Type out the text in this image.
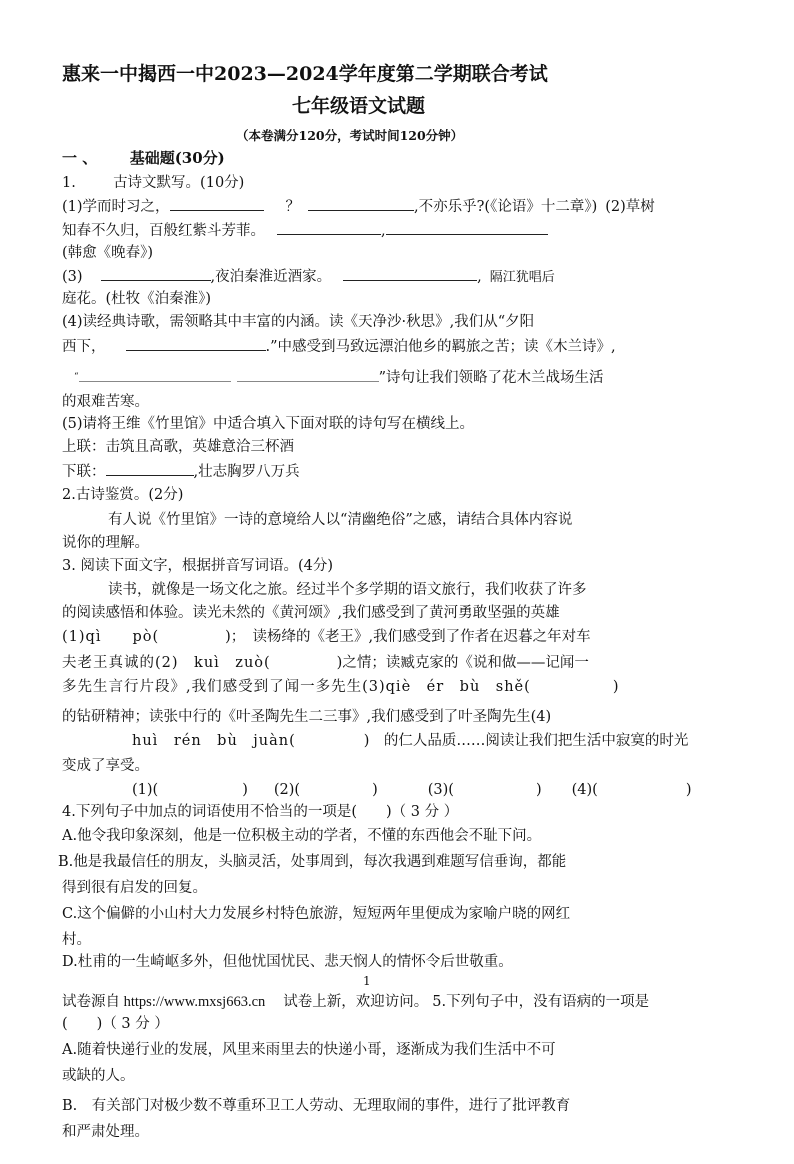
惠来一中揭西一中2023—2024学年度第二学期联合考试
七年级语文试题
（本卷满分120分，考试时间120分钟）
一 、 基础题(30分)
1.	古诗文默写。(10分)
(1)学而时习之，	？	,不亦乐乎?(《论语》十二章》) (2)草树
知春不久归，百般红紫斗芳菲。	,
(韩愈《晚春》)
(3)	,夜泊秦淮近酒家。	, 隔江犹唱后
庭花。(杜牧《泊秦淮》)
(4)读经典诗歌，需领略其中丰富的内涵。读《天净沙·秋思》,我们从“夕阳
西下，	.”中感受到马致远漂泊他乡的羁旅之苦；读《木兰诗》,
“	”诗句让我们领略了花木兰战场生活
的艰难苦寒。
(5)请将王维《竹里馆》中适合填入下面对联的诗句写在横线上。
上联：击筑且高歌，英雄意洽三杯酒
下联：	,壮志胸罗八万兵
2.古诗鉴赏。(2分)
有人说《竹里馆》一诗的意境给人以“清幽绝俗”之感，请结合具体内容说
说你的理解。
3. 阅读下面文字，根据拼音写词语。(4分)
读书，就像是一场文化之旅。经过半个多学期的语文旅行，我们收获了许多
的阅读感悟和体验。读光未然的《黄河颂》,我们感受到了黄河勇敢坚强的英雄
(1)qì　　pò(	)；　读杨绛的《老王》,我们感受到了作者在迟暮之年对车
夫老王真诚的(2)　kuì　zuò(	)之情；读臧克家的《说和做——记闻一
多先生言行片段》,我们感受到了闻一多先生(3)qiè　ér　bù　shě(	)
的钻研精神；读张中行的《叶圣陶先生二三事》,我们感受到了叶圣陶先生(4)
huì　rén　bù　juàn(	)　的仁人品质……阅读让我们把生活中寂寞的时光
变成了享受。
(1)(	) (2)(	)	(3)(	) (4)(	)
4.下列句子中加点的词语使用不恰当的一项是(　　)（ 3 分 ）
A.他令我印象深刻，他是一位积极主动的学者，不懂的东西他会不耻下问。
B.他是我最信任的朋友，头脑灵活，处事周到，每次我遇到难题写信垂询，都能
得到很有启发的回复。
C.这个偏僻的小山村大力发展乡村特色旅游，短短两年里便成为家喻户晓的网红
村。
D.杜甫的一生崎岖多外，但他忧国忧民、悲天悯人的情怀令后世敬重。
1
试卷源自 https://www.mxsj663.cn 试卷上新，欢迎访问。 5.下列句子中，没有语病的一项是
(　　)（ 3 分 ）
A.随着快递行业的发展，风里来雨里去的快递小哥，逐渐成为我们生活中不可
或缺的人。
B.　有关部门对极少数不尊重环卫工人劳动、无理取闹的事件，进行了批评教育
和严肃处理。
